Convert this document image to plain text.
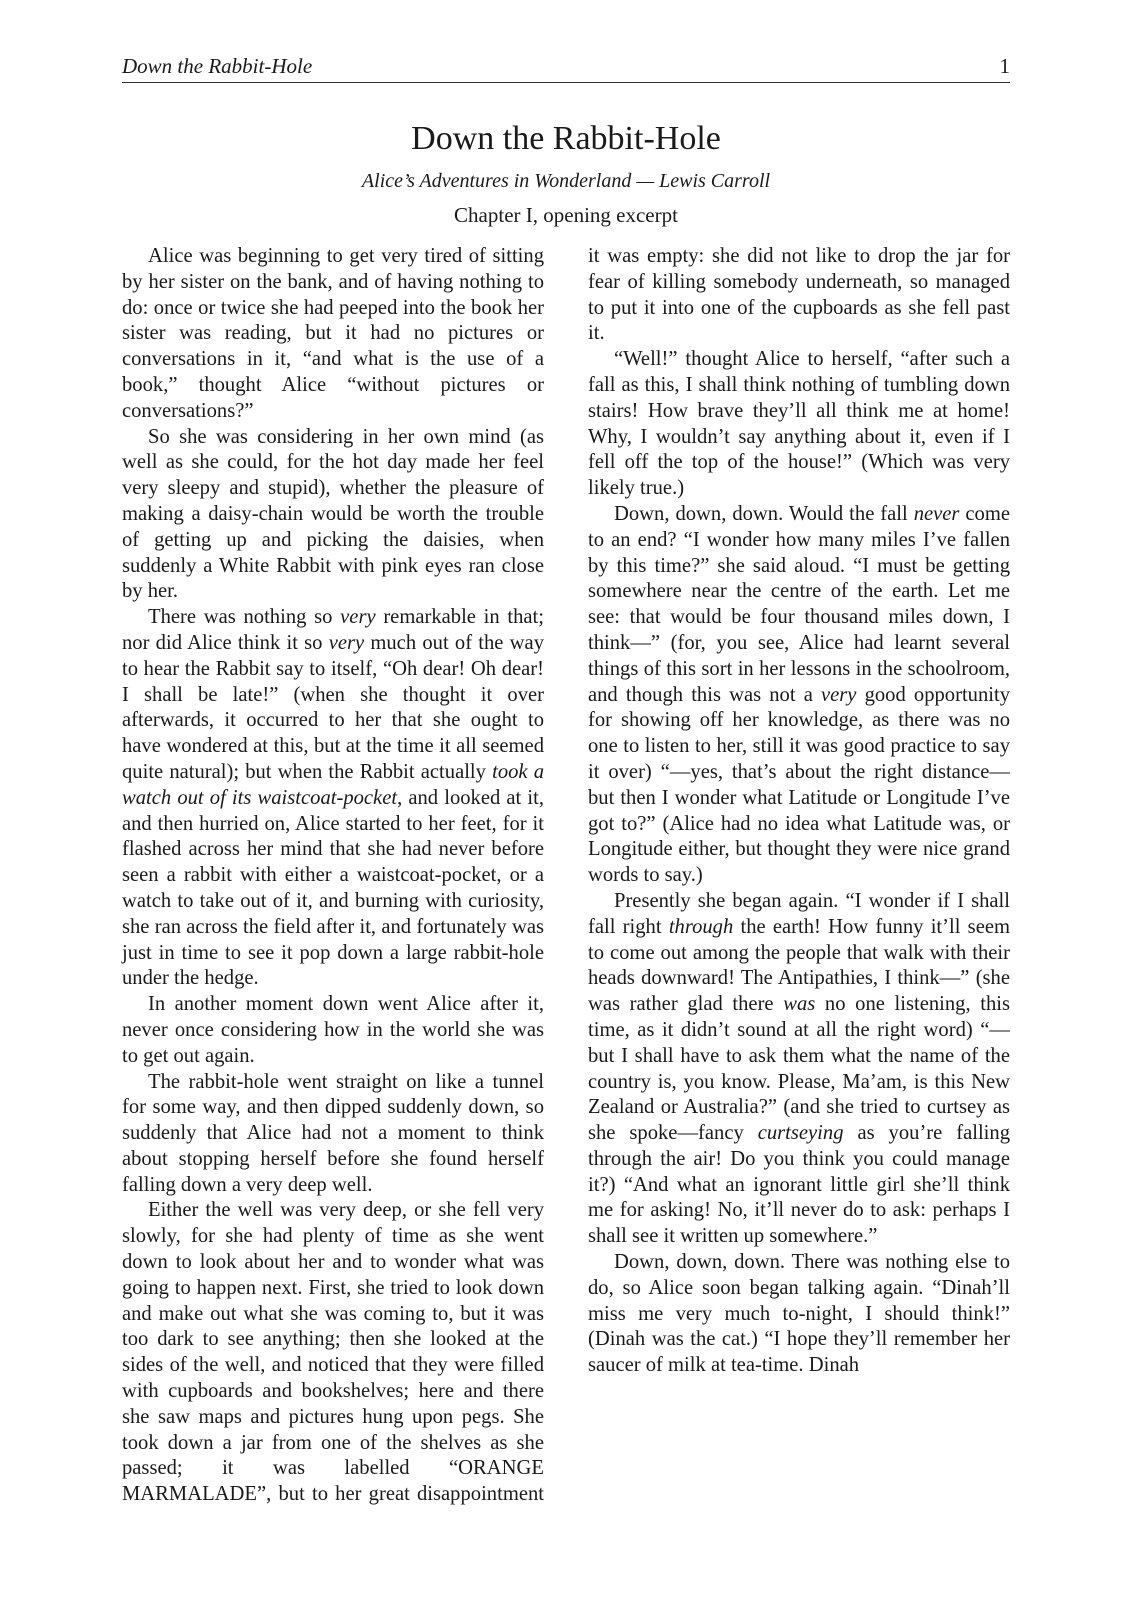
Down the Rabbit-Hole	1
Down the Rabbit-Hole
Alice’s Adventures in Wonderland — Lewis Carroll
Chapter I, opening excerpt

Alice was beginning to get very tired of sitting by her sister on the bank, and of having nothing to do: once or twice she had peeped into the book her sister was reading, but it had no pictures or conversations in it, “and what is the use of a book,” thought Alice “without pictures or conversations?”

So she was considering in her own mind (as well as she could, for the hot day made her feel very sleepy and stupid), whether the pleasure of making a daisy-chain would be worth the trouble of getting up and picking the daisies, when suddenly a White Rabbit with pink eyes ran close by her.

There was nothing so very remarkable in that; nor did Alice think it so very much out of the way to hear the Rabbit say to itself, “Oh dear! Oh dear! I shall be late!” (when she thought it over afterwards, it occurred to her that she ought to have wondered at this, but at the time it all seemed quite natural); but when the Rabbit actually took a watch out of its waistcoat-pocket, and looked at it, and then hurried on, Alice started to her feet, for it flashed across her mind that she had never before seen a rabbit with either a waistcoat-pocket, or a watch to take out of it, and burning with curiosity, she ran across the field after it, and fortunately was just in time to see it pop down a large rabbit-hole under the hedge.

In another moment down went Alice after it, never once considering how in the world she was to get out again.

The rabbit-hole went straight on like a tunnel for some way, and then dipped suddenly down, so suddenly that Alice had not a moment to think about stopping herself before she found herself falling down a very deep well.

Either the well was very deep, or she fell very slowly, for she had plenty of time as she went down to look about her and to wonder what was going to happen next. First, she tried to look down and make out what she was coming to, but it was too dark to see anything; then she looked at the sides of the well, and noticed that they were filled with cupboards and bookshelves; here and there she saw maps and pictures hung upon pegs. She took down a jar from one of the shelves as she passed; it was labelled “ORANGE MARMALADE”, but to her great disappointment it was empty: she did not like to drop the jar for fear of killing somebody underneath, so managed to put it into one of the cupboards as she fell past it.

“Well!” thought Alice to herself, “after such a fall as this, I shall think nothing of tumbling down stairs! How brave they’ll all think me at home! Why, I wouldn’t say anything about it, even if I fell off the top of the house!” (Which was very likely true.)

Down, down, down. Would the fall never come to an end? “I wonder how many miles I’ve fallen by this time?” she said aloud. “I must be getting somewhere near the centre of the earth. Let me see: that would be four thousand miles down, I think—” (for, you see, Alice had learnt several things of this sort in her lessons in the schoolroom, and though this was not a very good opportunity for showing off her knowledge, as there was no one to listen to her, still it was good practice to say it over) “—yes, that’s about the right distance—but then I wonder what Latitude or Longitude I’ve got to?” (Alice had no idea what Latitude was, or Longitude either, but thought they were nice grand words to say.)

Presently she began again. “I wonder if I shall fall right through the earth! How funny it’ll seem to come out among the people that walk with their heads downward! The Antipathies, I think—” (she was rather glad there was no one listening, this time, as it didn’t sound at all the right word) “—but I shall have to ask them what the name of the country is, you know. Please, Ma’am, is this New Zealand or Australia?” (and she tried to curtsey as she spoke—fancy curtseying as you’re falling through the air! Do you think you could manage it?) “And what an ignorant little girl she’ll think me for asking! No, it’ll never do to ask: perhaps I shall see it written up somewhere.”

Down, down, down. There was nothing else to do, so Alice soon began talking again. “Dinah’ll miss me very much to-night, I should think!” (Dinah was the cat.) “I hope they’ll remember her saucer of milk at tea-time. Dinah
